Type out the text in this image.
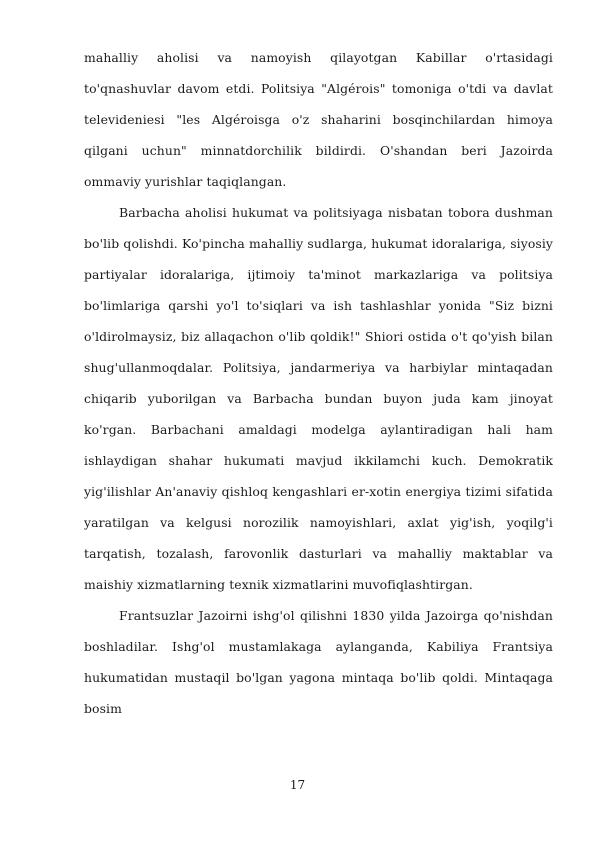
mahalliy aholisi va namoyish qilayotgan Kabillar o'rtasidagi to'qnashuvlar davom etdi. Politsiya "Algérois" tomoniga o'tdi va davlat televideniesi "les Algéroisga o'z shaharini bosqinchilardan himoya qilgani uchun" minnatdorchilik bildirdi. O'shandan beri Jazoirda ommaviy yurishlar taqiqlangan.

Barbacha aholisi hukumat va politsiyaga nisbatan tobora dushman bo'lib qolishdi. Ko'pincha mahalliy sudlarga, hukumat idoralariga, siyosiy partiyalar idoralariga, ijtimoiy ta'minot markazlariga va politsiya bo'limlariga qarshi yo'l to'siqlari va ish tashlashlar yonida "Siz bizni o'ldirolmaysiz, biz allaqachon o'lib qoldik!" Shiori ostida o't qo'yish bilan shug'ullanmoqdalar. Politsiya, jandarmeriya va harbiylar mintaqadan chiqarib yuborilgan va Barbacha bundan buyon juda kam jinoyat ko'rgan. Barbachani amaldagi modelga aylantiradigan hali ham ishlaydigan shahar hukumati mavjud ikkilamchi kuch. Demokratik yig'ilishlar An'anaviy qishloq kengashlari er-xotin energiya tizimi sifatida yaratilgan va kelgusi norozilik namoyishlari, axlat yig'ish, yoqilg'i tarqatish, tozalash, farovonlik dasturlari va mahalliy maktablar va maishiy xizmatlarning texnik xizmatlarini muvofiqlashtirgan.

Frantsuzlar Jazoirni ishg'ol qilishni 1830 yilda Jazoirga qo'nishdan boshladilar. Ishg'ol mustamlakaga aylanganda, Kabiliya Frantsiya hukumatidan mustaqil bo'lgan yagona mintaqa bo'lib qoldi. Mintaqaga bosim

17
